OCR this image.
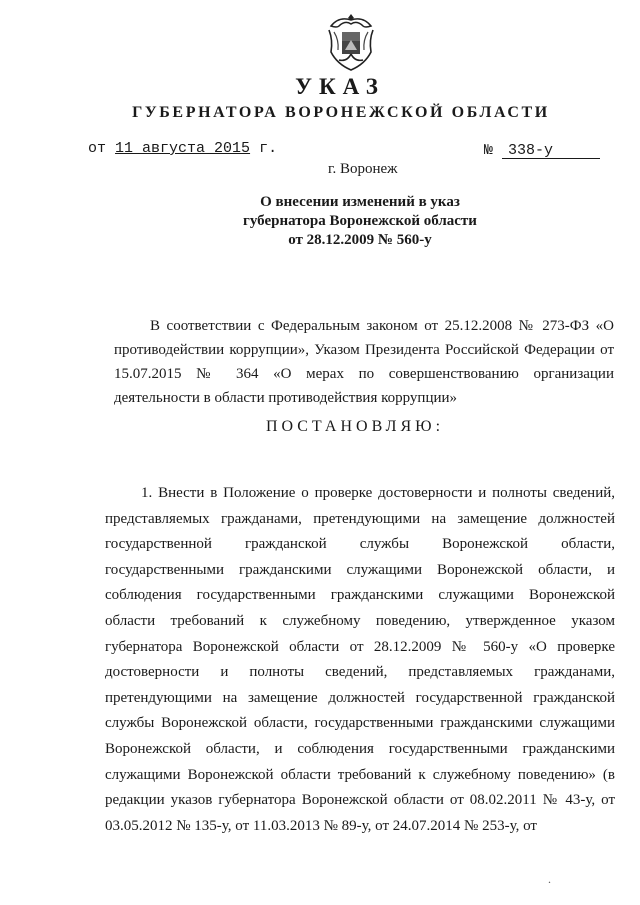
УКАЗ
ГУБЕРНАТОРА ВОРОНЕЖСКОЙ ОБЛАСТИ
от 11 августа 2015 г.	№ 338-у
г. Воронеж
О внесении изменений в указ
губернатора Воронежской области
от 28.12.2009 № 560-у
В соответствии с Федеральным законом от 25.12.2008 № 273-ФЗ «О противодействии коррупции», Указом Президента Российской Федерации от 15.07.2015 № 364 «О мерах по совершенствованию организации деятельности в области противодействия коррупции»
ПОСТАНОВЛЯЮ:
1. Внести в Положение о проверке достоверности и полноты сведений, представляемых гражданами, претендующими на замещение должностей государственной гражданской службы Воронежской области, государственными гражданскими служащими Воронежской области, и соблюдения государственными гражданскими служащими Воронежской области требований к служебному поведению, утвержденное указом губернатора Воронежской области от 28.12.2009 № 560-у «О проверке достоверности и полноты сведений, представляемых гражданами, претендующими на замещение должностей государственной гражданской службы Воронежской области, государственными гражданскими служащими Воронежской области, и соблюдения государственными гражданскими служащими Воронежской области требований к служебному поведению» (в редакции указов губернатора Воронежской области от 08.02.2011 № 43-у, от 03.05.2012 № 135-у, от 11.03.2013 № 89-у, от 24.07.2014 № 253-у, от
.
